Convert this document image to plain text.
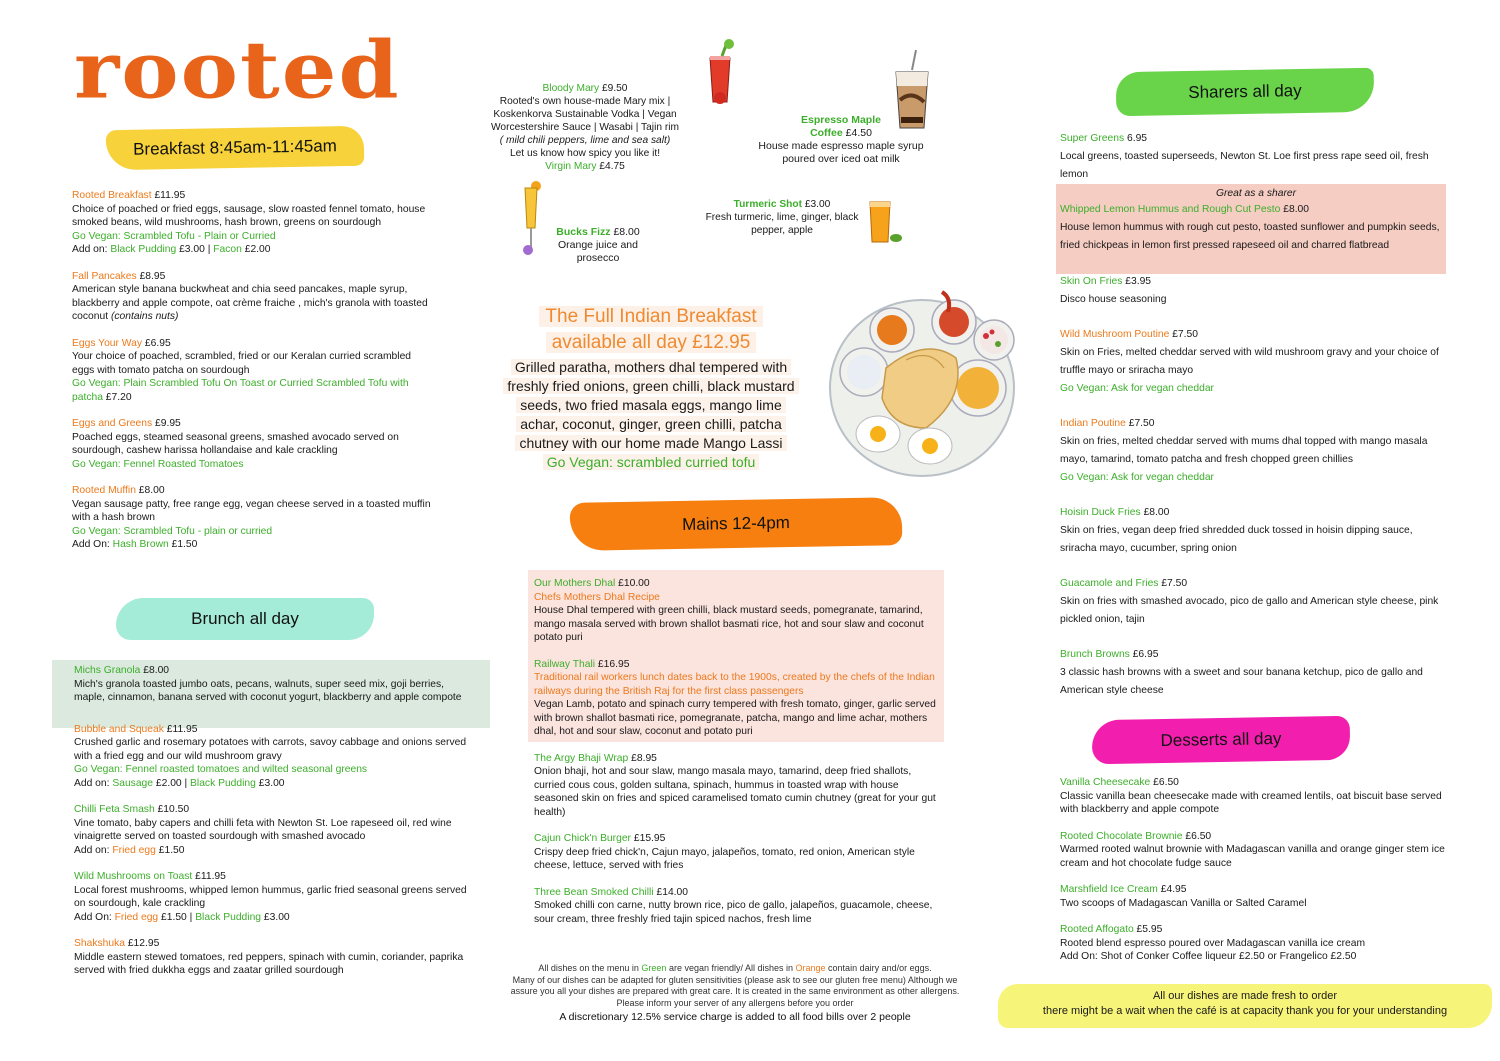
rooted
Breakfast 8:45am-11:45am
Rooted Breakfast £11.95
Choice of poached or fried eggs, sausage, slow roasted fennel tomato, house smoked beans, wild mushrooms, hash brown, greens on sourdough
Go Vegan: Scrambled Tofu - Plain or Curried
Add on: Black Pudding £3.00 | Facon £2.00
Fall Pancakes £8.95
American style banana buckwheat and chia seed pancakes, maple syrup, blackberry and apple compote, oat crème fraiche , mich's granola with toasted coconut (contains nuts)
Eggs Your Way £6.95
Your choice of poached, scrambled, fried or our Keralan curried scrambled eggs with tomato patcha on sourdough
Go Vegan: Plain Scrambled Tofu On Toast or Curried Scrambled Tofu with patcha £7.20
Eggs and Greens £9.95
Poached eggs, steamed seasonal greens, smashed avocado served on sourdough, cashew harissa hollandaise and kale crackling
Go Vegan: Fennel Roasted Tomatoes
Rooted Muffin £8.00
Vegan sausage patty, free range egg, vegan cheese served in a toasted muffin with a hash brown
Go Vegan: Scrambled Tofu - plain or curried
Add On: Hash Brown £1.50
Brunch all day
Michs Granola £8.00
Mich's granola toasted jumbo oats, pecans, walnuts, super seed mix, goji berries, maple, cinnamon, banana served with coconut yogurt, blackberry and apple compote
Bubble and Squeak £11.95
Crushed garlic and rosemary potatoes with carrots, savoy cabbage and onions served with a fried egg and our wild mushroom gravy
Go Vegan: Fennel roasted tomatoes and wilted seasonal greens
Add on: Sausage £2.00 | Black Pudding £3.00
Chilli Feta Smash £10.50
Vine tomato, baby capers and chilli feta with Newton St. Loe rapeseed oil, red wine vinaigrette served on toasted sourdough with smashed avocado
Add on: Fried egg £1.50
Wild Mushrooms on Toast £11.95
Local forest mushrooms, whipped lemon hummus, garlic fried seasonal greens served on sourdough, kale crackling
Add On: Fried egg £1.50 | Black Pudding £3.00
Shakshuka £12.95
Middle eastern stewed tomatoes, red peppers, spinach with cumin, coriander, paprika served with fried dukkha eggs and zaatar grilled sourdough
Bloody Mary £9.50
Rooted's own house-made Mary mix | Koskenkorva Sustainable Vodka | Vegan Worcestershire Sauce | Wasabi | Tajin rim
( mild chili peppers, lime and sea salt)
Let us know how spicy you like it!
Virgin Mary £4.75
Espresso Maple
Coffee £4.50
House made espresso maple syrup poured over iced oat milk
Turmeric Shot £3.00
Fresh turmeric, lime, ginger, black pepper, apple
Bucks Fizz £8.00
Orange juice and prosecco
The Full Indian Breakfast
available all day £12.95
Grilled paratha, mothers dhal tempered with
freshly fried onions, green chilli, black mustard
seeds, two fried masala eggs, mango lime
achar, coconut, ginger, green chilli, patcha
chutney with our home made Mango Lassi
Go Vegan: scrambled curried tofu
Mains 12-4pm
Our Mothers Dhal £10.00
Chefs Mothers Dhal Recipe
House Dhal tempered with green chilli, black mustard seeds, pomegranate, tamarind, mango masala served with brown shallot basmati rice, hot and sour slaw and coconut potato puri
Railway Thali £16.95
Traditional rail workers lunch dates back to the 1900s, created by the chefs of the Indian railways during the British Raj for the first class passengers
Vegan Lamb, potato and spinach curry tempered with fresh tomato, ginger, garlic served with brown shallot basmati rice, pomegranate, patcha, mango and lime achar, mothers dhal, hot and sour slaw, coconut and potato puri
The Argy Bhaji Wrap £8.95
Onion bhaji, hot and sour slaw, mango masala mayo, tamarind, deep fried shallots, curried cous cous, golden sultana, spinach, hummus in toasted wrap with house seasoned skin on fries and spiced caramelised tomato cumin chutney (great for your gut health)
Cajun Chick'n Burger £15.95
Crispy deep fried chick'n, Cajun mayo, jalapeños, tomato, red onion, American style cheese, lettuce, served with fries
Three Bean Smoked Chilli £14.00
Smoked chilli con carne, nutty brown rice, pico de gallo, jalapeños, guacamole, cheese, sour cream, three freshly fried tajin spiced nachos, fresh lime
All dishes on the menu in Green are vegan friendly/ All dishes in Orange contain dairy and/or eggs.
Many of our dishes can be adapted for gluten sensitivities (please ask to see our gluten free menu) Although we
assure you all your dishes are prepared with great care. It is created in the same environment as other allergens.
Please inform your server of any allergens before you order
A discretionary 12.5% service charge is added to all food bills over 2 people
Sharers all day
Super Greens 6.95
Local greens, toasted superseeds, Newton St. Loe first press rape seed oil, fresh lemon
Great as a sharer
Whipped Lemon Hummus and Rough Cut Pesto £8.00
House lemon hummus with rough cut pesto, toasted sunflower and pumpkin seeds, fried chickpeas in lemon first pressed rapeseed oil and charred flatbread
Skin On Fries £3.95
Disco house seasoning
Wild Mushroom Poutine £7.50
Skin on Fries, melted cheddar served with wild mushroom gravy and your choice of truffle mayo or sriracha mayo
Go Vegan: Ask for vegan cheddar
Indian Poutine £7.50
Skin on fries, melted cheddar served with mums dhal topped with mango masala mayo, tamarind, tomato patcha and fresh chopped green chillies
Go Vegan: Ask for vegan cheddar
Hoisin Duck Fries £8.00
Skin on fries, vegan deep fried shredded duck tossed in hoisin dipping sauce, sriracha mayo, cucumber, spring onion
Guacamole and Fries £7.50
Skin on fries with smashed avocado, pico de gallo and American style cheese, pink pickled onion, tajin
Brunch Browns £6.95
3 classic hash browns with a sweet and sour banana ketchup, pico de gallo and American style cheese
Desserts all day
Vanilla Cheesecake £6.50
Classic vanilla bean cheesecake made with creamed lentils, oat biscuit base served with blackberry and apple compote
Rooted Chocolate Brownie £6.50
Warmed rooted walnut brownie with Madagascan vanilla and orange ginger stem ice cream and hot chocolate fudge sauce
Marshfield Ice Cream £4.95
Two scoops of Madagascan Vanilla or Salted Caramel
Rooted Affogato £5.95
Rooted blend espresso poured over Madagascan vanilla ice cream
Add On: Shot of Conker Coffee liqueur £2.50 or Frangelico £2.50
All our dishes are made fresh to order
there might be a wait when the café is at capacity thank you for your understanding
